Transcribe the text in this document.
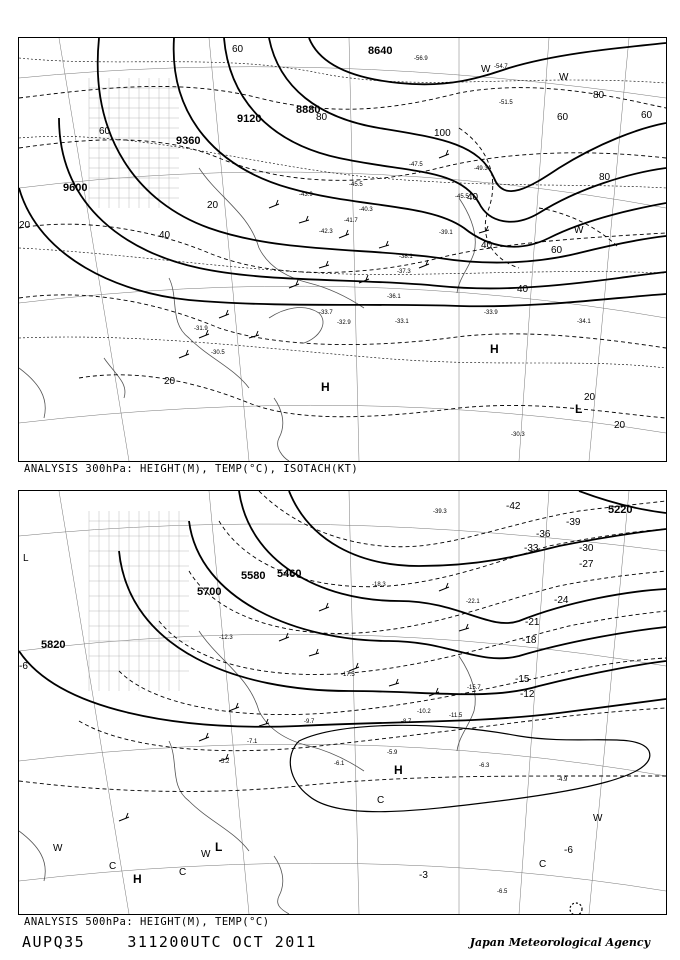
8640
8880
9120
9360
9600
60
80
100
60
40
20
40
60
80
60
20
40
20
60
40
80
20
20
-56.9
-54.7
-51.5
-47.5
-45.5
-40.3
-42.3
-38.1
-36.1
-33.7	-33.9
-33.1
-32.9
-31.9
-30.5
-30.3
-34.1
-37.3
-39.1
-43.9
-41.7
-49.3
-45.5
H
H
L
W
W
W
ANALYSIS 300hPa: HEIGHT(M), TEMP(°C), ISOTACH(KT)
5220
5460
5580
5700
5820
-42
-39
-36
-33	-30
-27
-24
-21
-18
-15
-12
-6
-3
-6
-39.3
-22.1
-18.3
-12.3
-11.5
-9.7
-7.1
-5.9
-4.9
-6.3
-6.5
-17.5
-15.7
-10.2
-8.7
-6.1
-5.2
H
H
L
L
C
C
C
C
W
W
W
ANALYSIS 500hPa: HEIGHT(M), TEMP(°C)
AUPQ35	311200UTC OCT 2011	Japan Meteorological Agency
